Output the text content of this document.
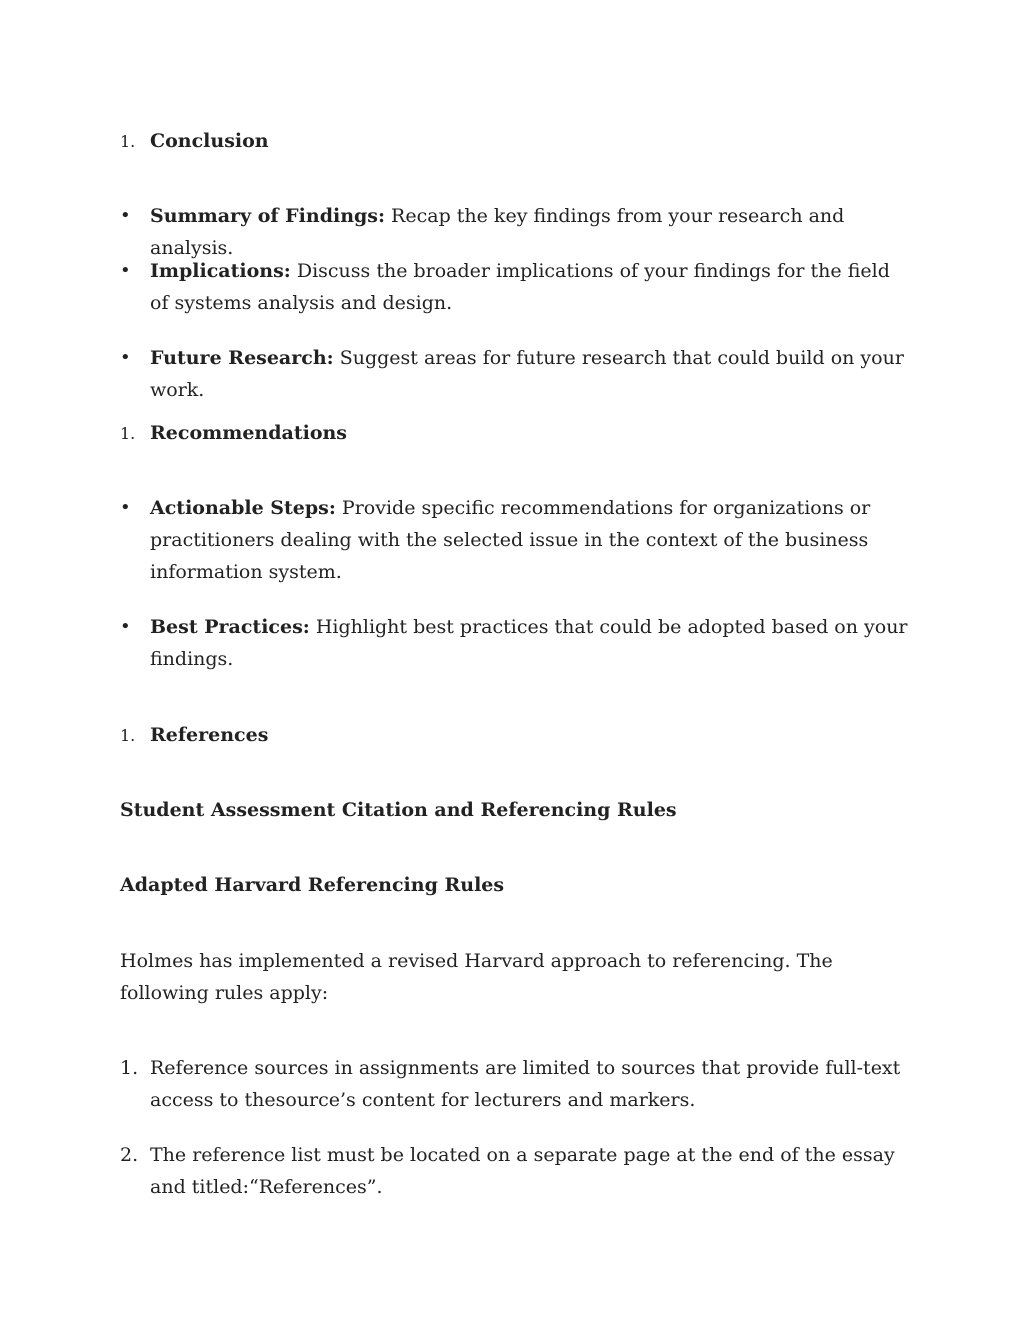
1. Conclusion
•	Summary of Findings: Recap the key findings from your research and analysis.
•	Implications: Discuss the broader implications of your findings for the field of systems analysis and design.
•	Future Research: Suggest areas for future research that could build on your work.
1. Recommendations
•	Actionable Steps: Provide specific recommendations for organizations or practitioners dealing with the selected issue in the context of the business information system.
•	Best Practices: Highlight best practices that could be adopted based on your findings.
1. References
Student Assessment Citation and Referencing Rules
Adapted Harvard Referencing Rules
Holmes has implemented a revised Harvard approach to referencing. The following rules apply:
1. Reference sources in assignments are limited to sources that provide full-text access to thesource’s content for lecturers and markers.
2. The reference list must be located on a separate page at the end of the essay and titled:“References”.
